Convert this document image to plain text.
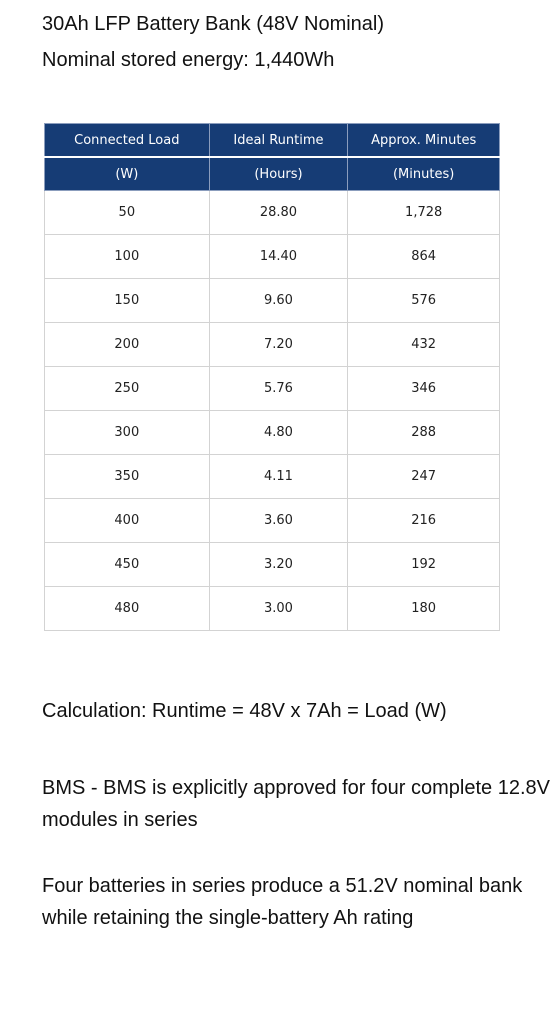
30Ah LFP Battery Bank (48V Nominal)

Nominal stored energy: 1,440Wh

Connected Load	Ideal Runtime	Approx. Minutes
(W)	(Hours)	(Minutes)
50	28.80	1,728
100	14.40	864
150	9.60	576
200	7.20	432
250	5.76	346
300	4.80	288
350	4.11	247
400	3.60	216
450	3.20	192
480	3.00	180

Calculation: Runtime = 48V x 7Ah = Load (W)

BMS - BMS is explicitly approved for four complete 12.8V modules in series

Four batteries in series produce a 51.2V nominal bank while retaining the single-battery Ah rating
